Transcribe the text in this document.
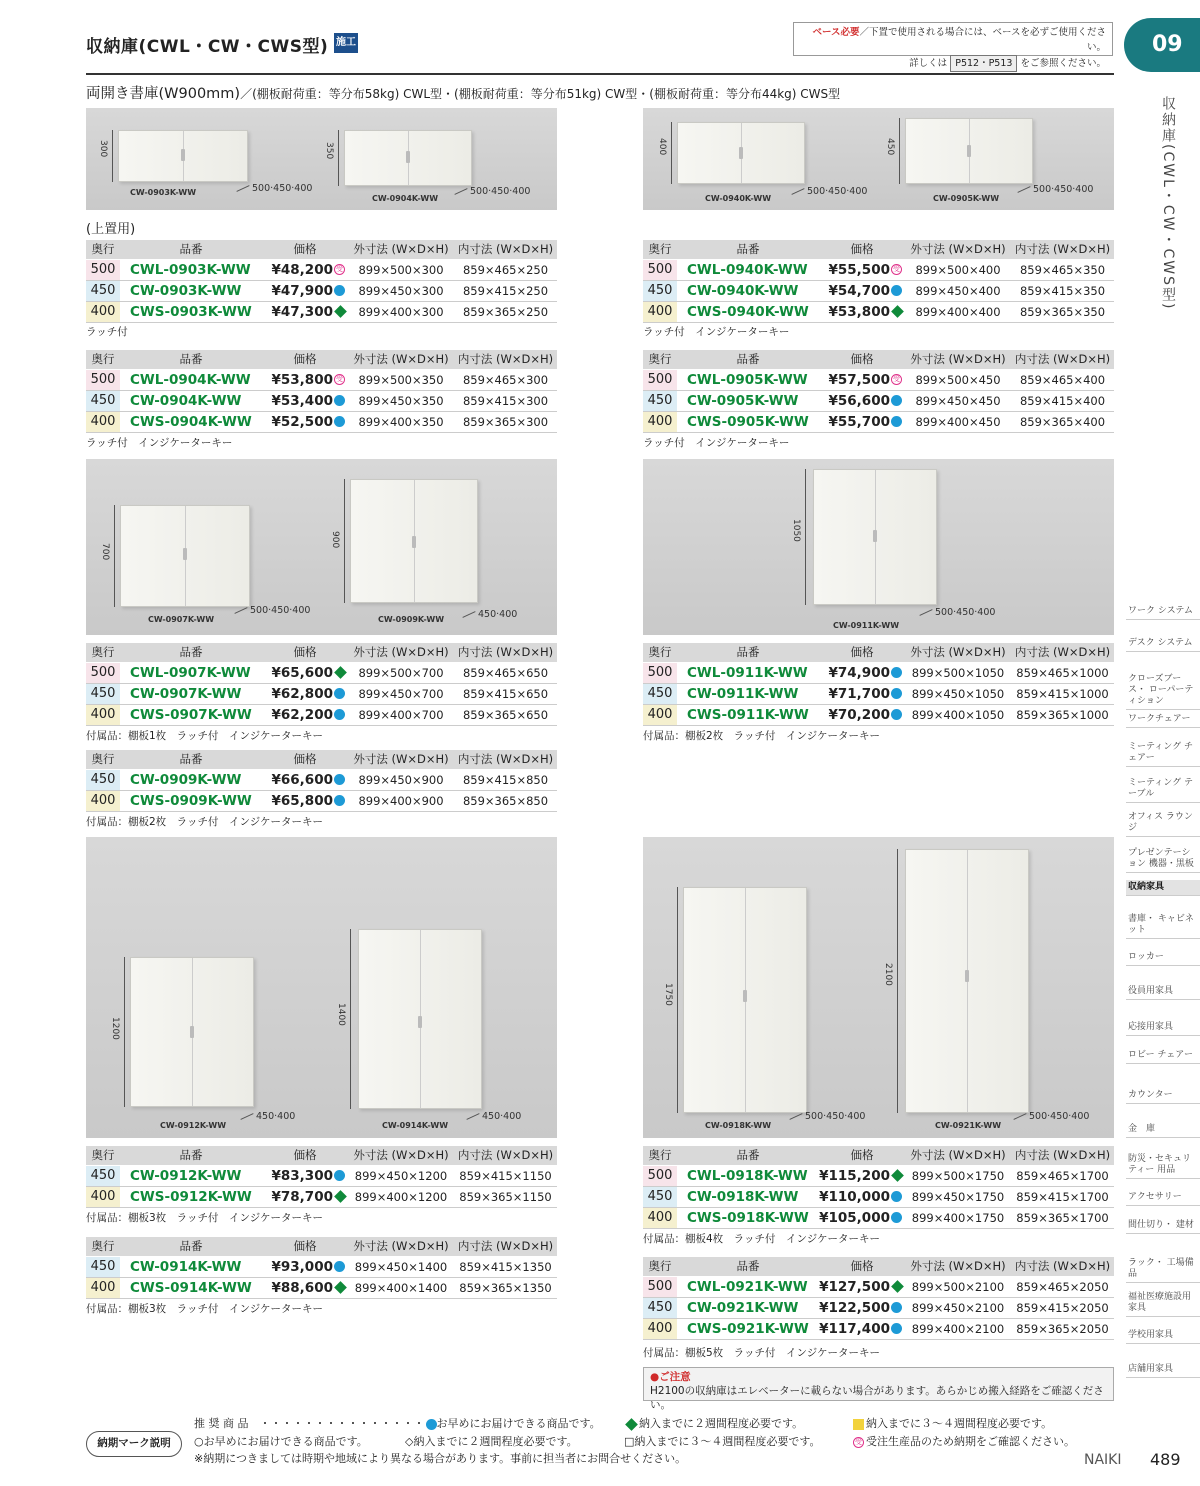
収納庫(CWL・CW・CWS型) 施工
ベース必要／下置で使用される場合には、ベースを必ずご使用ください。
詳しくは P512・P513 をご参照ください。
09
収納庫(CWL・CW・CWS型)
両開き書庫(W900mm)／(棚板耐荷重：等分布58kg) CWL型・(棚板耐荷重：等分布51kg) CW型・(棚板耐荷重：等分布44kg) CWS型
300
CW-0903K-WW	500·450·400
350
CW-0904K-WW
500·450·400
400
CW-0940K-WW
500·450·400
450
CW-0905K-WW
500·450·400
(上置用)
奥行	品番	価格	外寸法 (W×D×H)	内寸法 (W×D×H)
500	CWL-0903K-WW	¥48,200 受	899×500×300	859×465×250
450	CW-0903K-WW	¥47,900	899×450×300	859×415×250
400	CWS-0903K-WW	¥47,300	899×400×300	859×365×250
ラッチ付
奥行	品番	価格	外寸法 (W×D×H)	内寸法 (W×D×H)
500	CWL-0904K-WW	¥53,800 受	899×500×350	859×465×300
450	CW-0904K-WW	¥53,400	899×450×350	859×415×300
400	CWS-0904K-WW	¥52,500	899×400×350	859×365×300
ラッチ付　インジケーターキー
奥行	品番	価格	外寸法 (W×D×H)	内寸法 (W×D×H)
500	CWL-0940K-WW	¥55,500 受	899×500×400	859×465×350
450	CW-0940K-WW	¥54,700	899×450×400	859×415×350
400	CWS-0940K-WW	¥53,800	899×400×400	859×365×350
ラッチ付　インジケーターキー
奥行	品番	価格	外寸法 (W×D×H)	内寸法 (W×D×H)
500	CWL-0905K-WW	¥57,500 受	899×500×450	859×465×400
450	CW-0905K-WW	¥56,600	899×450×450	859×415×400
400	CWS-0905K-WW	¥55,700	899×400×450	859×365×400
ラッチ付　インジケーターキー
700
CW-0907K-WW
500·450·400
900
CW-0909K-WW	450·400
1050
CW-0911K-WW
500·450·400
奥行	品番	価格	外寸法 (W×D×H)	内寸法 (W×D×H)
500	CWL-0907K-WW	¥65,600	899×500×700	859×465×650
450	CW-0907K-WW	¥62,800	899×450×700	859×415×650
400	CWS-0907K-WW	¥62,200	899×400×700	859×365×650
付属品：棚板1枚　ラッチ付　インジケーターキー
奥行	品番	価格	外寸法 (W×D×H)	内寸法 (W×D×H)
450	CW-0909K-WW	¥66,600	899×450×900	859×415×850
400	CWS-0909K-WW	¥65,800	899×400×900	859×365×850
付属品：棚板2枚　ラッチ付　インジケーターキー
奥行	品番	価格	外寸法 (W×D×H)	内寸法 (W×D×H)
500	CWL-0911K-WW	¥74,900	899×500×1050	859×465×1000
450	CW-0911K-WW	¥71,700	899×450×1050	859×415×1000
400	CWS-0911K-WW	¥70,200	899×400×1050	859×365×1000
付属品：棚板2枚　ラッチ付　インジケーターキー
1200
CW-0912K-WW
450·400
1400
CW-0914K-WW
450·400
1750
CW-0918K-WW
500·450·400
2100
CW-0921K-WW
500·450·400
奥行	品番	価格	外寸法 (W×D×H)	内寸法 (W×D×H)
450	CW-0912K-WW	¥83,300	899×450×1200	859×415×1150
400	CWS-0912K-WW	¥78,700	899×400×1200	859×365×1150
付属品：棚板3枚　ラッチ付　インジケーターキー
奥行	品番	価格	外寸法 (W×D×H)	内寸法 (W×D×H)
450	CW-0914K-WW	¥93,000	899×450×1400	859×415×1350
400	CWS-0914K-WW	¥88,600	899×400×1400	859×365×1350
付属品：棚板3枚　ラッチ付　インジケーターキー
奥行	品番	価格	外寸法 (W×D×H)	内寸法 (W×D×H)
500	CWL-0918K-WW	¥115,200	899×500×1750	859×465×1700
450	CW-0918K-WW	¥110,000	899×450×1750	859×415×1700
400	CWS-0918K-WW	¥105,000	899×400×1750	859×365×1700
付属品：棚板4枚　ラッチ付　インジケーターキー
奥行	品番	価格	外寸法 (W×D×H)	内寸法 (W×D×H)
500	CWL-0921K-WW	¥127,500	899×500×2100	859×465×2050
450	CW-0921K-WW	¥122,500	899×450×2100	859×415×2050
400	CWS-0921K-WW	¥117,400	899×400×2100	859×365×2050
付属品：棚板5枚　ラッチ付　インジケーターキー
●ご注意
H2100の収納庫はエレベーターに載らない場合があります。あらかじめ搬入経路をご確認ください。
ワーク システム
デスク システム
クローズブース・ ローパーティション
ワークチェアー
ミーティング チェアー
ミーティング テーブル
オフィス ラウンジ
プレゼンテーション 機器・黒板
収納家具
書庫・ キャビネット
ロッカー
役員用家具
応接用家具
ロビー チェアー
カウンター
金　庫
防災・セキュリティー 用品
アクセサリー
間仕切り・ 建材
ラック・ 工場備品
福祉医療施設用 家具
学校用家具
店舗用家具
納期マーク説明
推 奨 商 品　・・・・・・・・・・・・・・・ お早めにお届けできる商品です。	納入までに２週間程度必要です。	納入までに３～４週間程度必要です。
○お早めにお届けできる商品です。	◇納入までに２週間程度必要です。	□納入までに３～４週間程度必要です。	受 受注生産品のため納期をご確認ください。
※納期につきましては時期や地域により異なる場合があります。事前に担当者にお問合せください。	NAIKI 489
